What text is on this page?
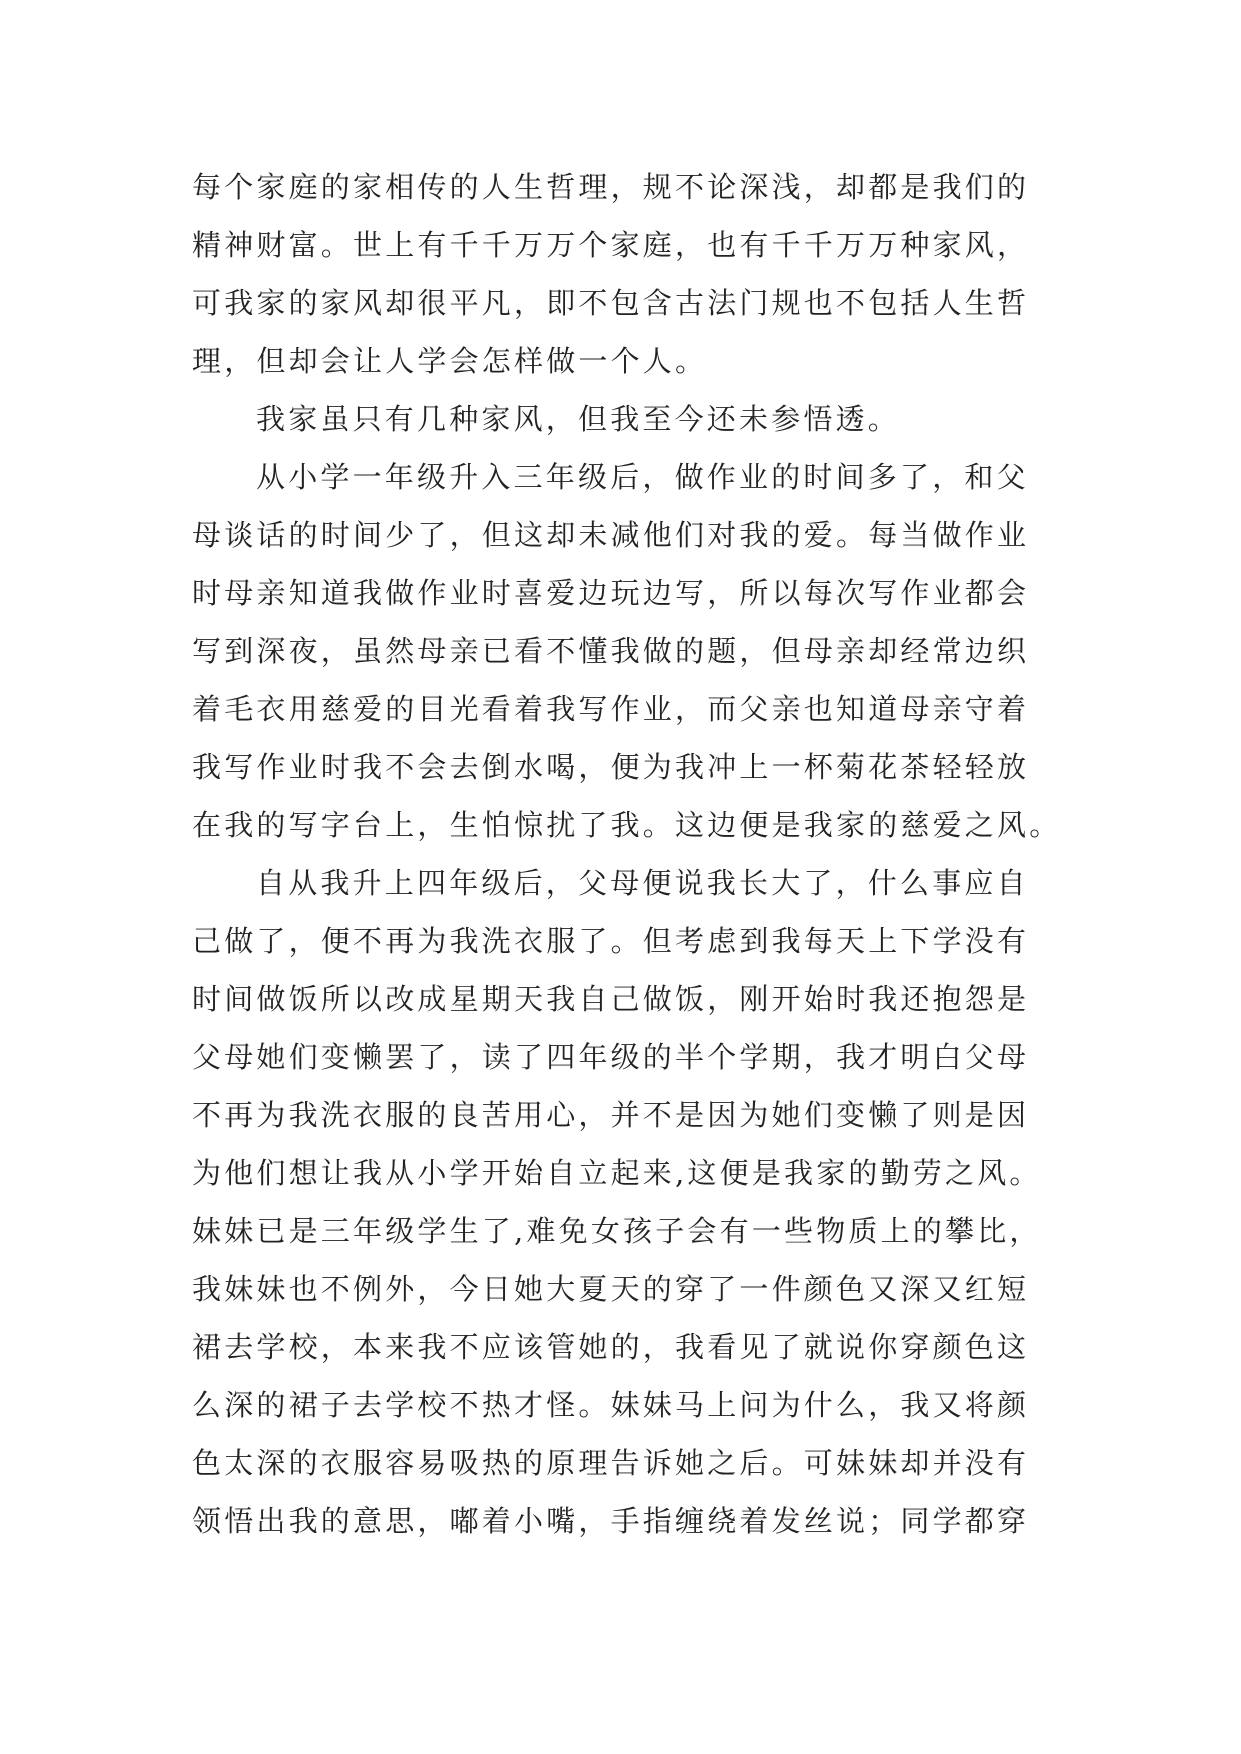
每个家庭的家相传的人生哲理，规不论深浅，却都是我们的
精神财富。世上有千千万万个家庭，也有千千万万种家风，
可我家的家风却很平凡，即不包含古法门规也不包括人生哲
理，但却会让人学会怎样做一个人。
我家虽只有几种家风，但我至今还未参悟透。
从小学一年级升入三年级后，做作业的时间多了，和父
母谈话的时间少了，但这却未减他们对我的爱。每当做作业
时母亲知道我做作业时喜爱边玩边写，所以每次写作业都会
写到深夜，虽然母亲已看不懂我做的题，但母亲却经常边织
着毛衣用慈爱的目光看着我写作业，而父亲也知道母亲守着
我写作业时我不会去倒水喝，便为我冲上一杯菊花茶轻轻放
在我的写字台上，生怕惊扰了我。这边便是我家的慈爱之风。
自从我升上四年级后，父母便说我长大了，什么事应自
己做了，便不再为我洗衣服了。但考虑到我每天上下学没有
时间做饭所以改成星期天我自己做饭，刚开始时我还抱怨是
父母她们变懒罢了，读了四年级的半个学期，我才明白父母
不再为我洗衣服的良苦用心，并不是因为她们变懒了则是因
为他们想让我从小学开始自立起来,这便是我家的勤劳之风。
妹妹已是三年级学生了,难免女孩子会有一些物质上的攀比，
我妹妹也不例外，今日她大夏天的穿了一件颜色又深又红短
裙去学校，本来我不应该管她的，我看见了就说你穿颜色这
么深的裙子去学校不热才怪。妹妹马上问为什么，我又将颜
色太深的衣服容易吸热的原理告诉她之后。可妹妹却并没有
领悟出我的意思，嘟着小嘴，手指缠绕着发丝说；同学都穿
